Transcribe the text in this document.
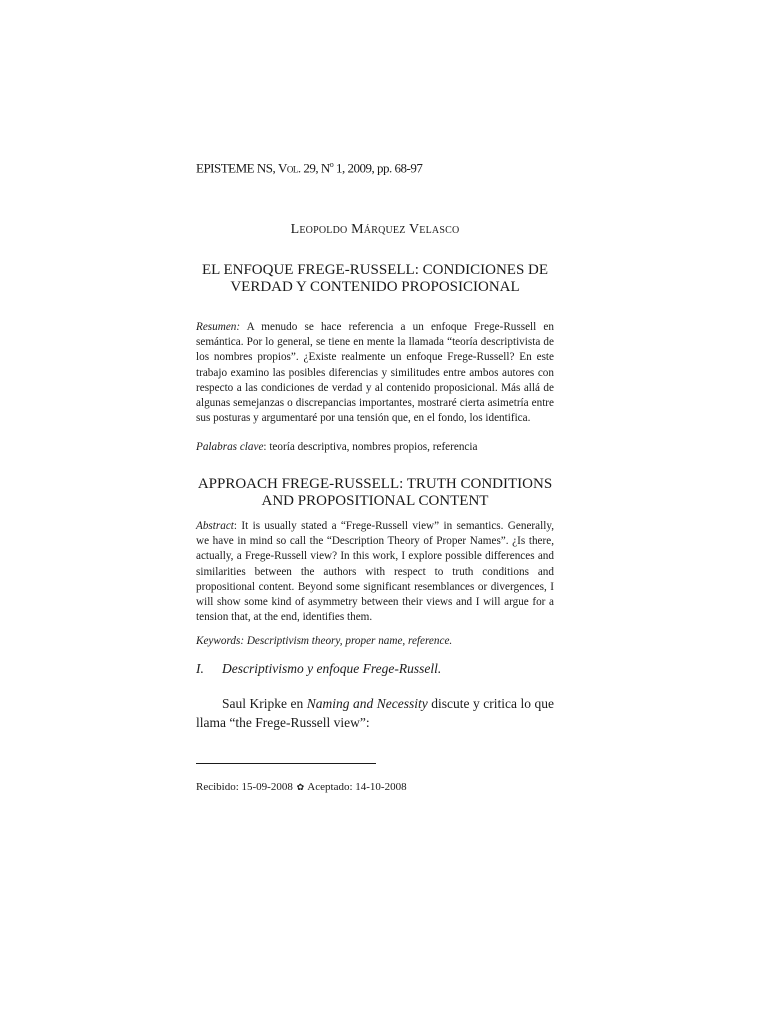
EPISTEME NS, Vol. 29, $N^o$ 1, 2009, pp. 68-97
Leopoldo Márquez Velasco
EL ENFOQUE FREGE-RUSSELL: CONDICIONES DE
VERDAD Y CONTENIDO PROPOSICIONAL
Resumen: A menudo se hace referencia a un enfoque Frege-Russell en semántica. Por lo general, se tiene en mente la llamada “teoría descriptivista de los nombres propios”. ¿Existe realmente un enfoque Frege-Russell? En este trabajo examino las posibles diferencias y similitudes entre ambos autores con respecto a las condiciones de verdad y al contenido proposicional. Más allá de algunas semejanzas o discrepancias importantes, mostraré cierta asimetría entre sus posturas y argumentaré por una tensión que, en el fondo, los identifica.
Palabras clave: teoría descriptiva, nombres propios, referencia
APPROACH FREGE-RUSSELL: TRUTH CONDITIONS
AND PROPOSITIONAL CONTENT
Abstract: It is usually stated a “Frege-Russell view” in semantics. Generally, we have in mind so call the “Description Theory of Proper Names”. ¿Is there, actually, a Frege-Russell view? In this work, I explore possible differences and similarities between the authors with respect to truth conditions and propositional content. Beyond some significant resemblances or divergences, I will show some kind of asymmetry between their views and I will argue for a tension that, at the end, identifies them.
Keywords: Descriptivism theory, proper name, reference.
I. Descriptivismo y enfoque Frege-Russell.
Saul Kripke en Naming and Necessity discute y critica lo que llama “the Frege-Russell view”:
Recibido: 15-09-2008 ✿ Aceptado: 14-10-2008
